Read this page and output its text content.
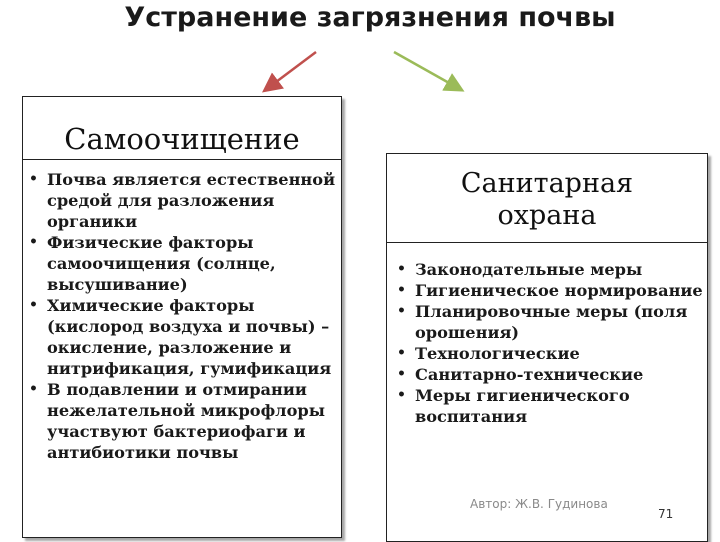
Устранение загрязнения почвы
Самоочищение
• Почва является естественной средой для разложения органики
• Физические факторы самоочищения (солнце, высушивание)
• Химические факторы (кислород воздуха и почвы) – окисление, разложение и нитрификация, гумификация
• В подавлении и отмирании нежелательной микрофлоры участвуют бактериофаги и антибиотики почвы
Санитарная охрана
• Законодательные меры
• Гигиеническое нормирование
• Планировочные меры (поля орошения)
• Технологические
• Санитарно-технические
• Меры гигиенического воспитания
Автор: Ж.В. Гудинова
71
